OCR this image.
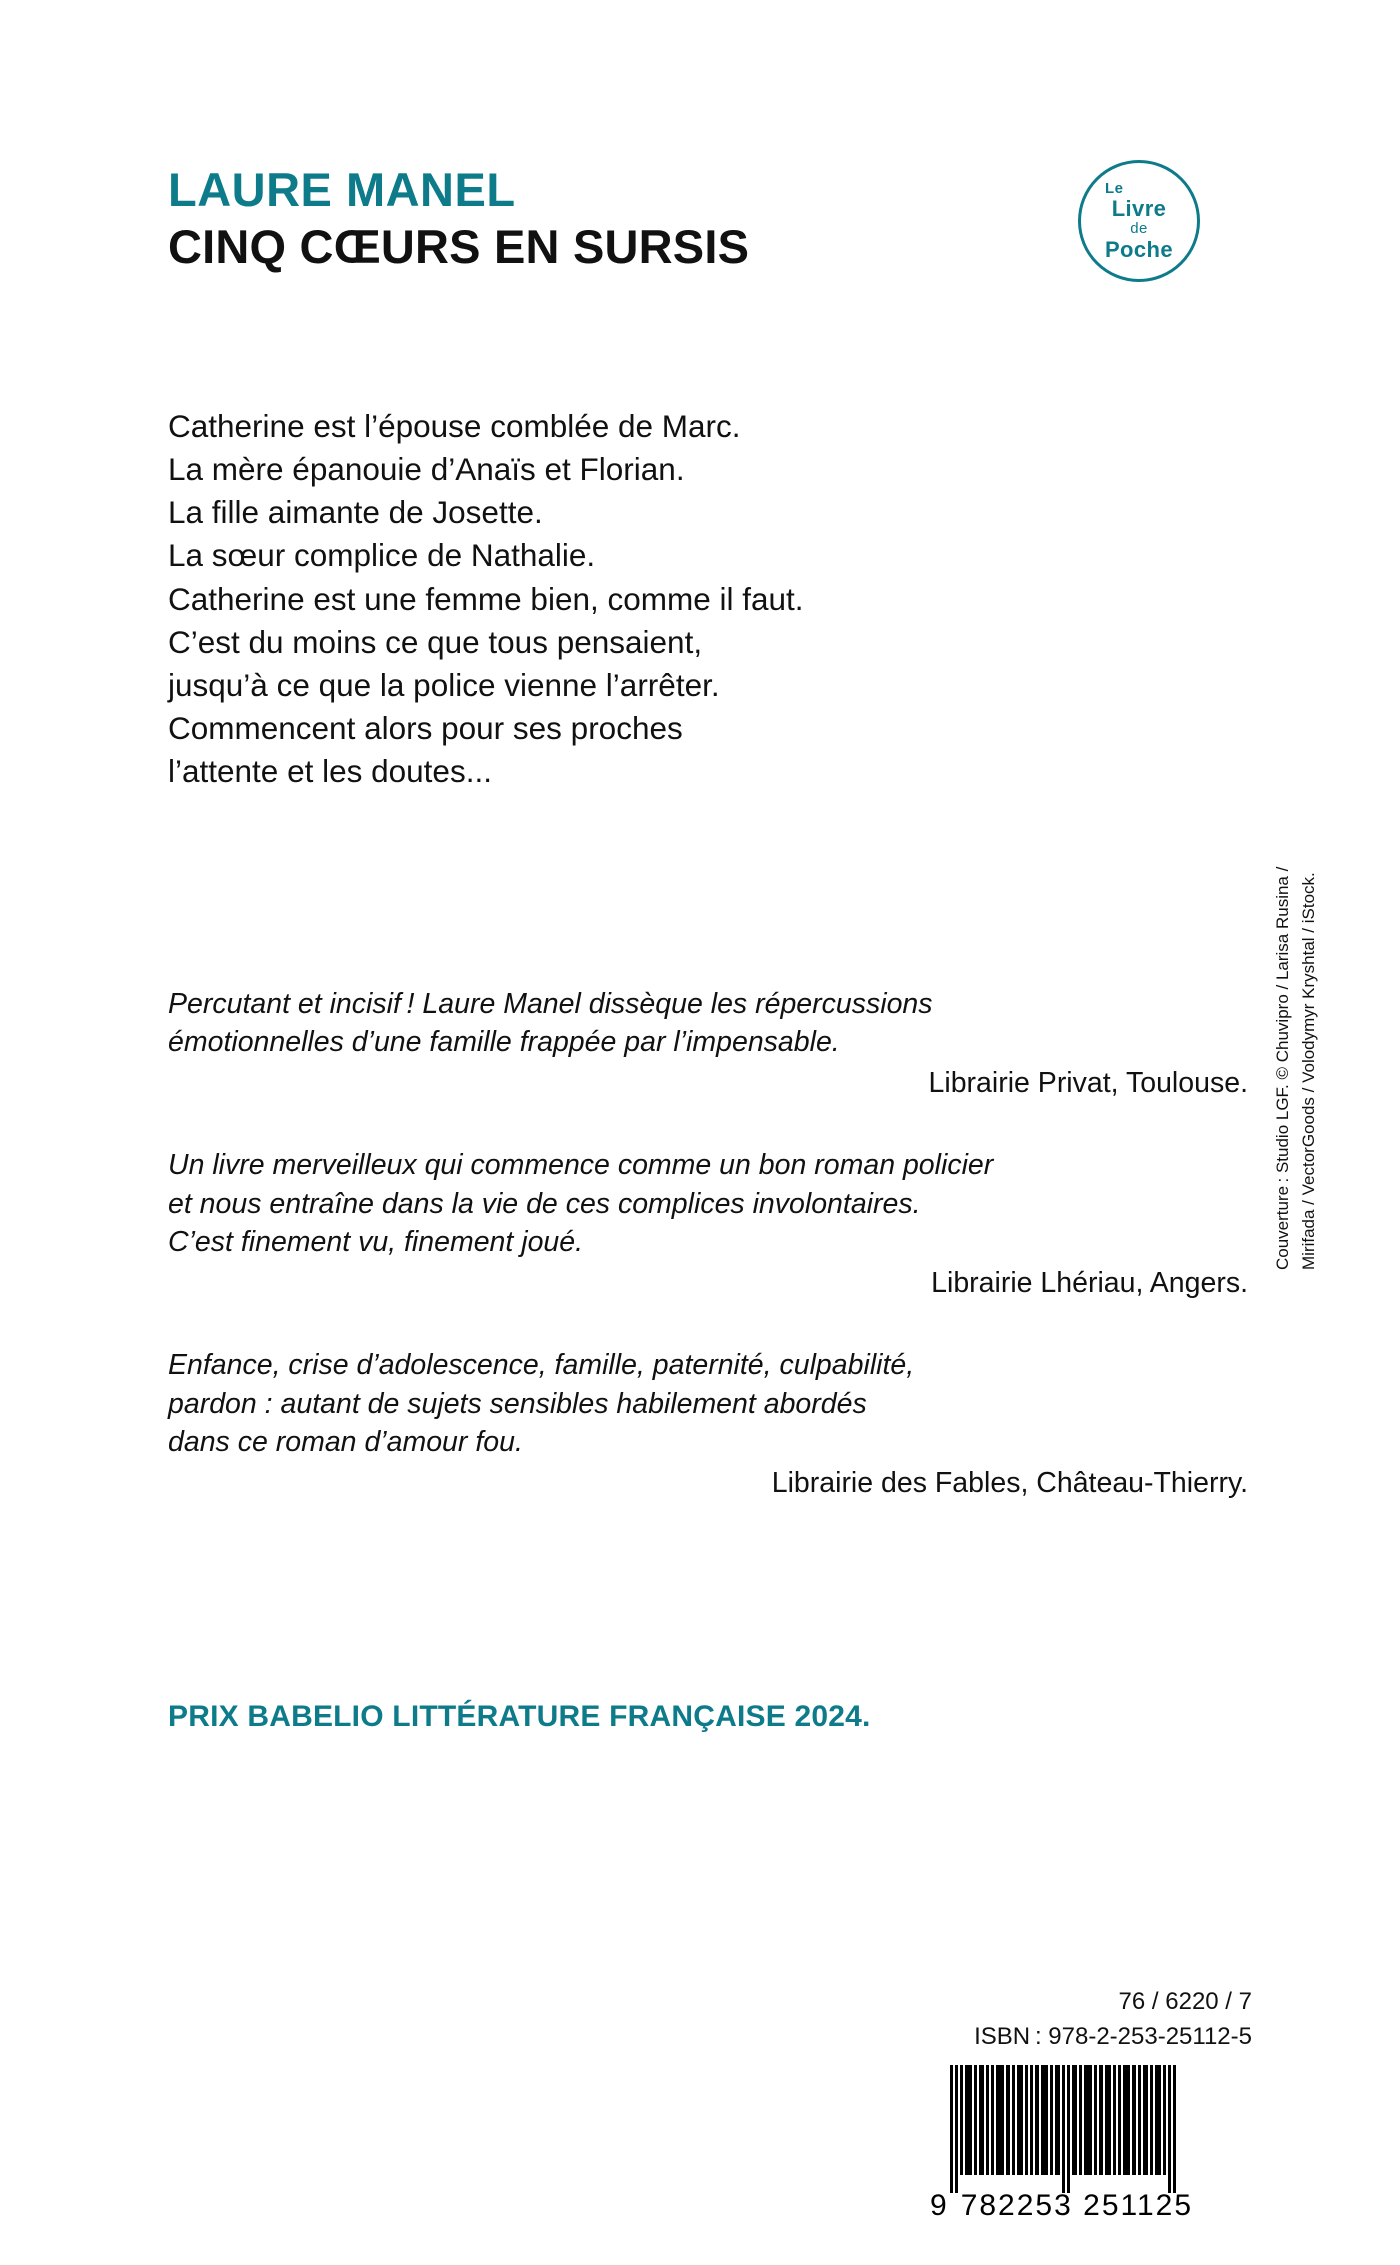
LAURE MANEL
CINQ CŒURS EN SURSIS
Le
Livre
de
Poche
Catherine est l’épouse comblée de Marc.
La mère épanouie d’Anaïs et Florian.
La fille aimante de Josette.
La sœur complice de Nathalie.
Catherine est une femme bien, comme il faut.
C’est du moins ce que tous pensaient,
jusqu’à ce que la police vienne l’arrêter.
Commencent alors pour ses proches
l’attente et les doutes...
Percutant et incisif ! Laure Manel dissèque les répercussions
émotionnelles d’une famille frappée par l’impensable.
Librairie Privat, Toulouse.
Un livre merveilleux qui commence comme un bon roman policier
et nous entraîne dans la vie de ces complices involontaires.
C’est finement vu, finement joué.
Librairie Lhériau, Angers.
Enfance, crise d’adolescence, famille, paternité, culpabilité,
pardon : autant de sujets sensibles habilement abordés
dans ce roman d’amour fou.
Librairie des Fables, Château-Thierry.
PRIX BABELIO LITTÉRATURE FRANÇAISE 2024.
Couverture : Studio LGF. © Chuvipro / Larisa Rusina / Mirifada / VectorGoods / Volodymyr Kryshtal / iStock.
76 / 6220 / 7
ISBN : 978-2-253-25112-5
9 782253 251125
